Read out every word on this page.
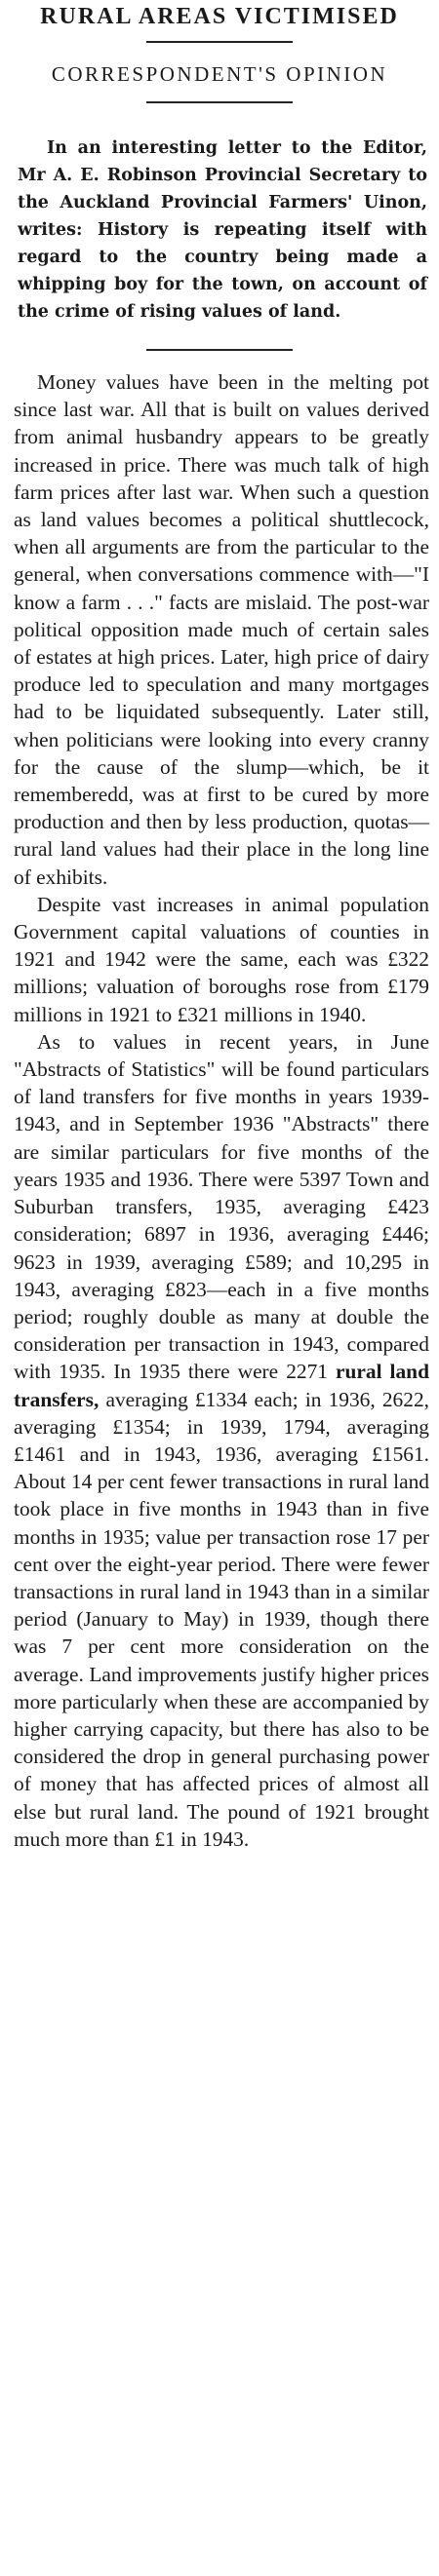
RURAL AREAS VICTIMISED
CORRESPONDENT'S OPINION
In an interesting letter to the Editor, Mr A. E. Robinson Provincial Secretary to the Auckland Provincial Farmers' Uinon, writes: History is repeating itself with regard to the country being made a whipping boy for the town, on account of the crime of rising values of land.

Money values have been in the melting pot since last war. All that is built on values derived from animal husbandry appears to be greatly increased in price. There was much talk of high farm prices after last war. When such a question as land values becomes a political shuttlecock, when all arguments are from the particular to the general, when conversations commence with—"I know a farm . . ." facts are mislaid. The post-war political opposition made much of certain sales of estates at high prices. Later, high price of dairy produce led to speculation and many mortgages had to be liquidated subsequently. Later still, when politicians were looking into every cranny for the cause of the slump—which, be it rememberedd, was at first to be cured by more production and then by less production, quotas—rural land values had their place in the long line of exhibits.

Despite vast increases in animal population Government capital valuations of counties in 1921 and 1942 were the same, each was £322 millions; valuation of boroughs rose from £179 millions in 1921 to £321 millions in 1940.

As to values in recent years, in June "Abstracts of Statistics" will be found particulars of land transfers for five months in years 1939-1943, and in September 1936 "Abstracts" there are similar particulars for five months of the years 1935 and 1936. There were 5397 Town and Suburban transfers, 1935, averaging £423 consideration; 6897 in 1936, averaging £446; 9623 in 1939, averaging £589; and 10,295 in 1943, averaging £823—each in a five months period; roughly double as many at double the consideration per transaction in 1943, compared with 1935. In 1935 there were 2271 rural land transfers, averaging £1334 each; in 1936, 2622, averaging £1354; in 1939, 1794, averaging £1461 and in 1943, 1936, averaging £1561. About 14 per cent fewer transactions in rural land took place in five months in 1943 than in five months in 1935; value per transaction rose 17 per cent over the eight-year period. There were fewer transactions in rural land in 1943 than in a similar period (January to May) in 1939, though there was 7 per cent more consideration on the average. Land improvements justify higher prices more particularly when these are accompanied by higher carrying capacity, but there has also to be considered the drop in general purchasing power of money that has affected prices of almost all else but rural land. The pound of 1921 brought much more than £1 in 1943.
